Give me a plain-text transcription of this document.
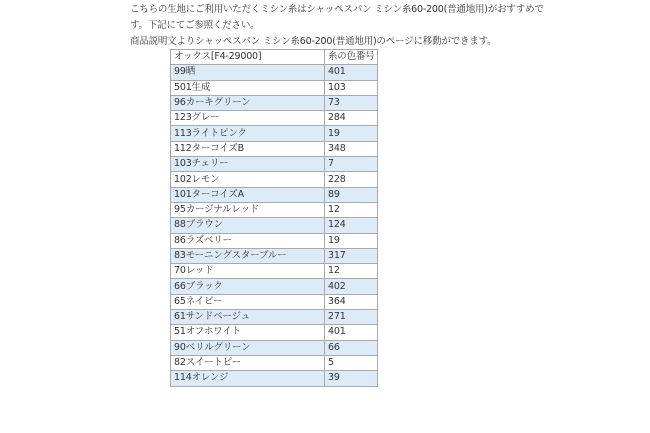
こちらの生地にご利用いただくミシン糸はシャッペスパン ミシン糸60-200(普通地用)がおすすめで

す。下記にてご参照ください。

商品説明文よりシャッペスパン ミシン糸60-200(普通地用)のページに移動ができます。

オックス[F4-29000]	糸の色番号
99晒	401
501生成	103
96カーキグリーン	73
123グレー	284
113ライトピンク	19
112ターコイズB	348
103チェリー	7
102レモン	228
101ターコイズA	89
95カージナルレッド	12
88ブラウン	124
86ラズベリー	19
83モーニングスターブルー	317
70レッド	12
66ブラック	402
65ネイビー	364
61サンドベージュ	271
51オフホワイト	401
90ベリルグリーン	66
82スイートピー	5
114オレンジ	39
